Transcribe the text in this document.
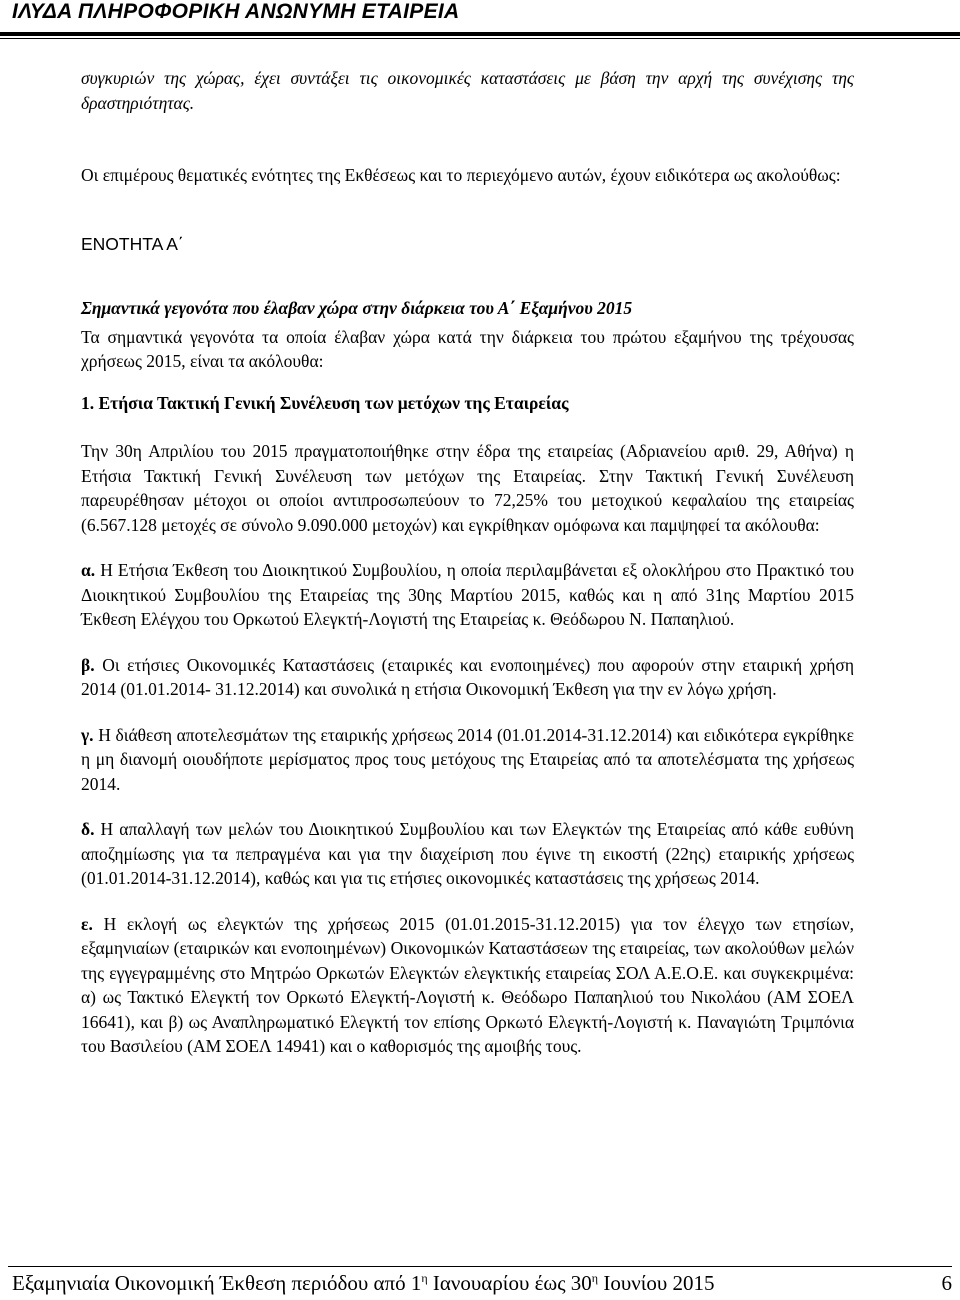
ΙΛΥΔΑ ΠΛΗΡΟΦΟΡΙΚΗ ΑΝΩΝΥΜΗ ΕΤΑΙΡΕΙΑ

συγκυριών της χώρας, έχει συντάξει τις οικονομικές καταστάσεις με βάση την αρχή της συνέχισης της δραστηριότητας.

Οι επιμέρους θεματικές ενότητες της Εκθέσεως και το περιεχόμενο αυτών, έχουν ειδικότερα ως ακολούθως:

ΕΝΟΤΗΤΑ Α΄

Σημαντικά γεγονότα που έλαβαν χώρα στην διάρκεια του Α΄ Εξαμήνου 2015

Τα σημαντικά γεγονότα τα οποία έλαβαν χώρα κατά την διάρκεια του πρώτου εξαμήνου της τρέχουσας χρήσεως 2015, είναι τα ακόλουθα:

1. Ετήσια Τακτική Γενική Συνέλευση των μετόχων της Εταιρείας

Την 30η Απριλίου του 2015 πραγματοποιήθηκε στην έδρα της εταιρείας (Αδριανείου αριθ. 29, Αθήνα) η Ετήσια Τακτική Γενική Συνέλευση των μετόχων της Εταιρείας. Στην Τακτική Γενική Συνέλευση παρευρέθησαν μέτοχοι οι οποίοι αντιπροσωπεύουν το 72,25% του μετοχικού κεφαλαίου της εταιρείας (6.567.128 μετοχές σε σύνολο 9.090.000 μετοχών) και εγκρίθηκαν ομόφωνα και παμψηφεί τα ακόλουθα:

α. Η Ετήσια Έκθεση του Διοικητικού Συμβουλίου, η οποία περιλαμβάνεται εξ ολοκλήρου στο Πρακτικό του Διοικητικού Συμβουλίου της Εταιρείας της 30ης Μαρτίου 2015, καθώς και η από 31ης Μαρτίου 2015 Έκθεση Ελέγχου του Ορκωτού Ελεγκτή-Λογιστή της Εταιρείας κ. Θεόδωρου Ν. Παπαηλιού.

β. Οι ετήσιες Οικονομικές Καταστάσεις (εταιρικές και ενοποιημένες) που αφορούν στην εταιρική χρήση 2014 (01.01.2014- 31.12.2014) και συνολικά η ετήσια Οικονομική Έκθεση για την εν λόγω χρήση.

γ. Η διάθεση αποτελεσμάτων της εταιρικής χρήσεως 2014 (01.01.2014-31.12.2014) και ειδικότερα εγκρίθηκε η μη διανομή οιουδήποτε μερίσματος προς τους μετόχους της Εταιρείας από τα αποτελέσματα της χρήσεως 2014.

δ. Η απαλλαγή των μελών του Διοικητικού Συμβουλίου και των Ελεγκτών της Εταιρείας από κάθε ευθύνη αποζημίωσης για τα πεπραγμένα και για την διαχείριση που έγινε τη εικοστή (22ης) εταιρικής χρήσεως (01.01.2014-31.12.2014), καθώς και για τις ετήσιες οικονομικές καταστάσεις της χρήσεως 2014.

ε. Η εκλογή ως ελεγκτών της χρήσεως 2015 (01.01.2015-31.12.2015) για τον έλεγχο των ετησίων, εξαμηνιαίων (εταιρικών και ενοποιημένων) Οικονομικών Καταστάσεων της εταιρείας, των ακολούθων μελών της εγγεγραμμένης στο Μητρώο Ορκωτών Ελεγκτών ελεγκτικής εταιρείας ΣΟΛ Α.Ε.Ο.Ε. και συγκεκριμένα: α) ως Τακτικό Ελεγκτή τον Ορκωτό Ελεγκτή-Λογιστή κ. Θεόδωρο Παπαηλιού του Νικολάου (ΑΜ ΣΟΕΛ 16641), και β) ως Αναπληρωματικό Ελεγκτή τον επίσης Ορκωτό Ελεγκτή-Λογιστή κ. Παναγιώτη Τριμπόνια του Βασιλείου (ΑΜ ΣΟΕΛ 14941) και ο καθορισμός της αμοιβής τους.

Εξαμηνιαία Οικονομική Έκθεση περιόδου από $1^\eta$ Ιανουαρίου έως $30^\eta$ Ιουνίου 2015	6
